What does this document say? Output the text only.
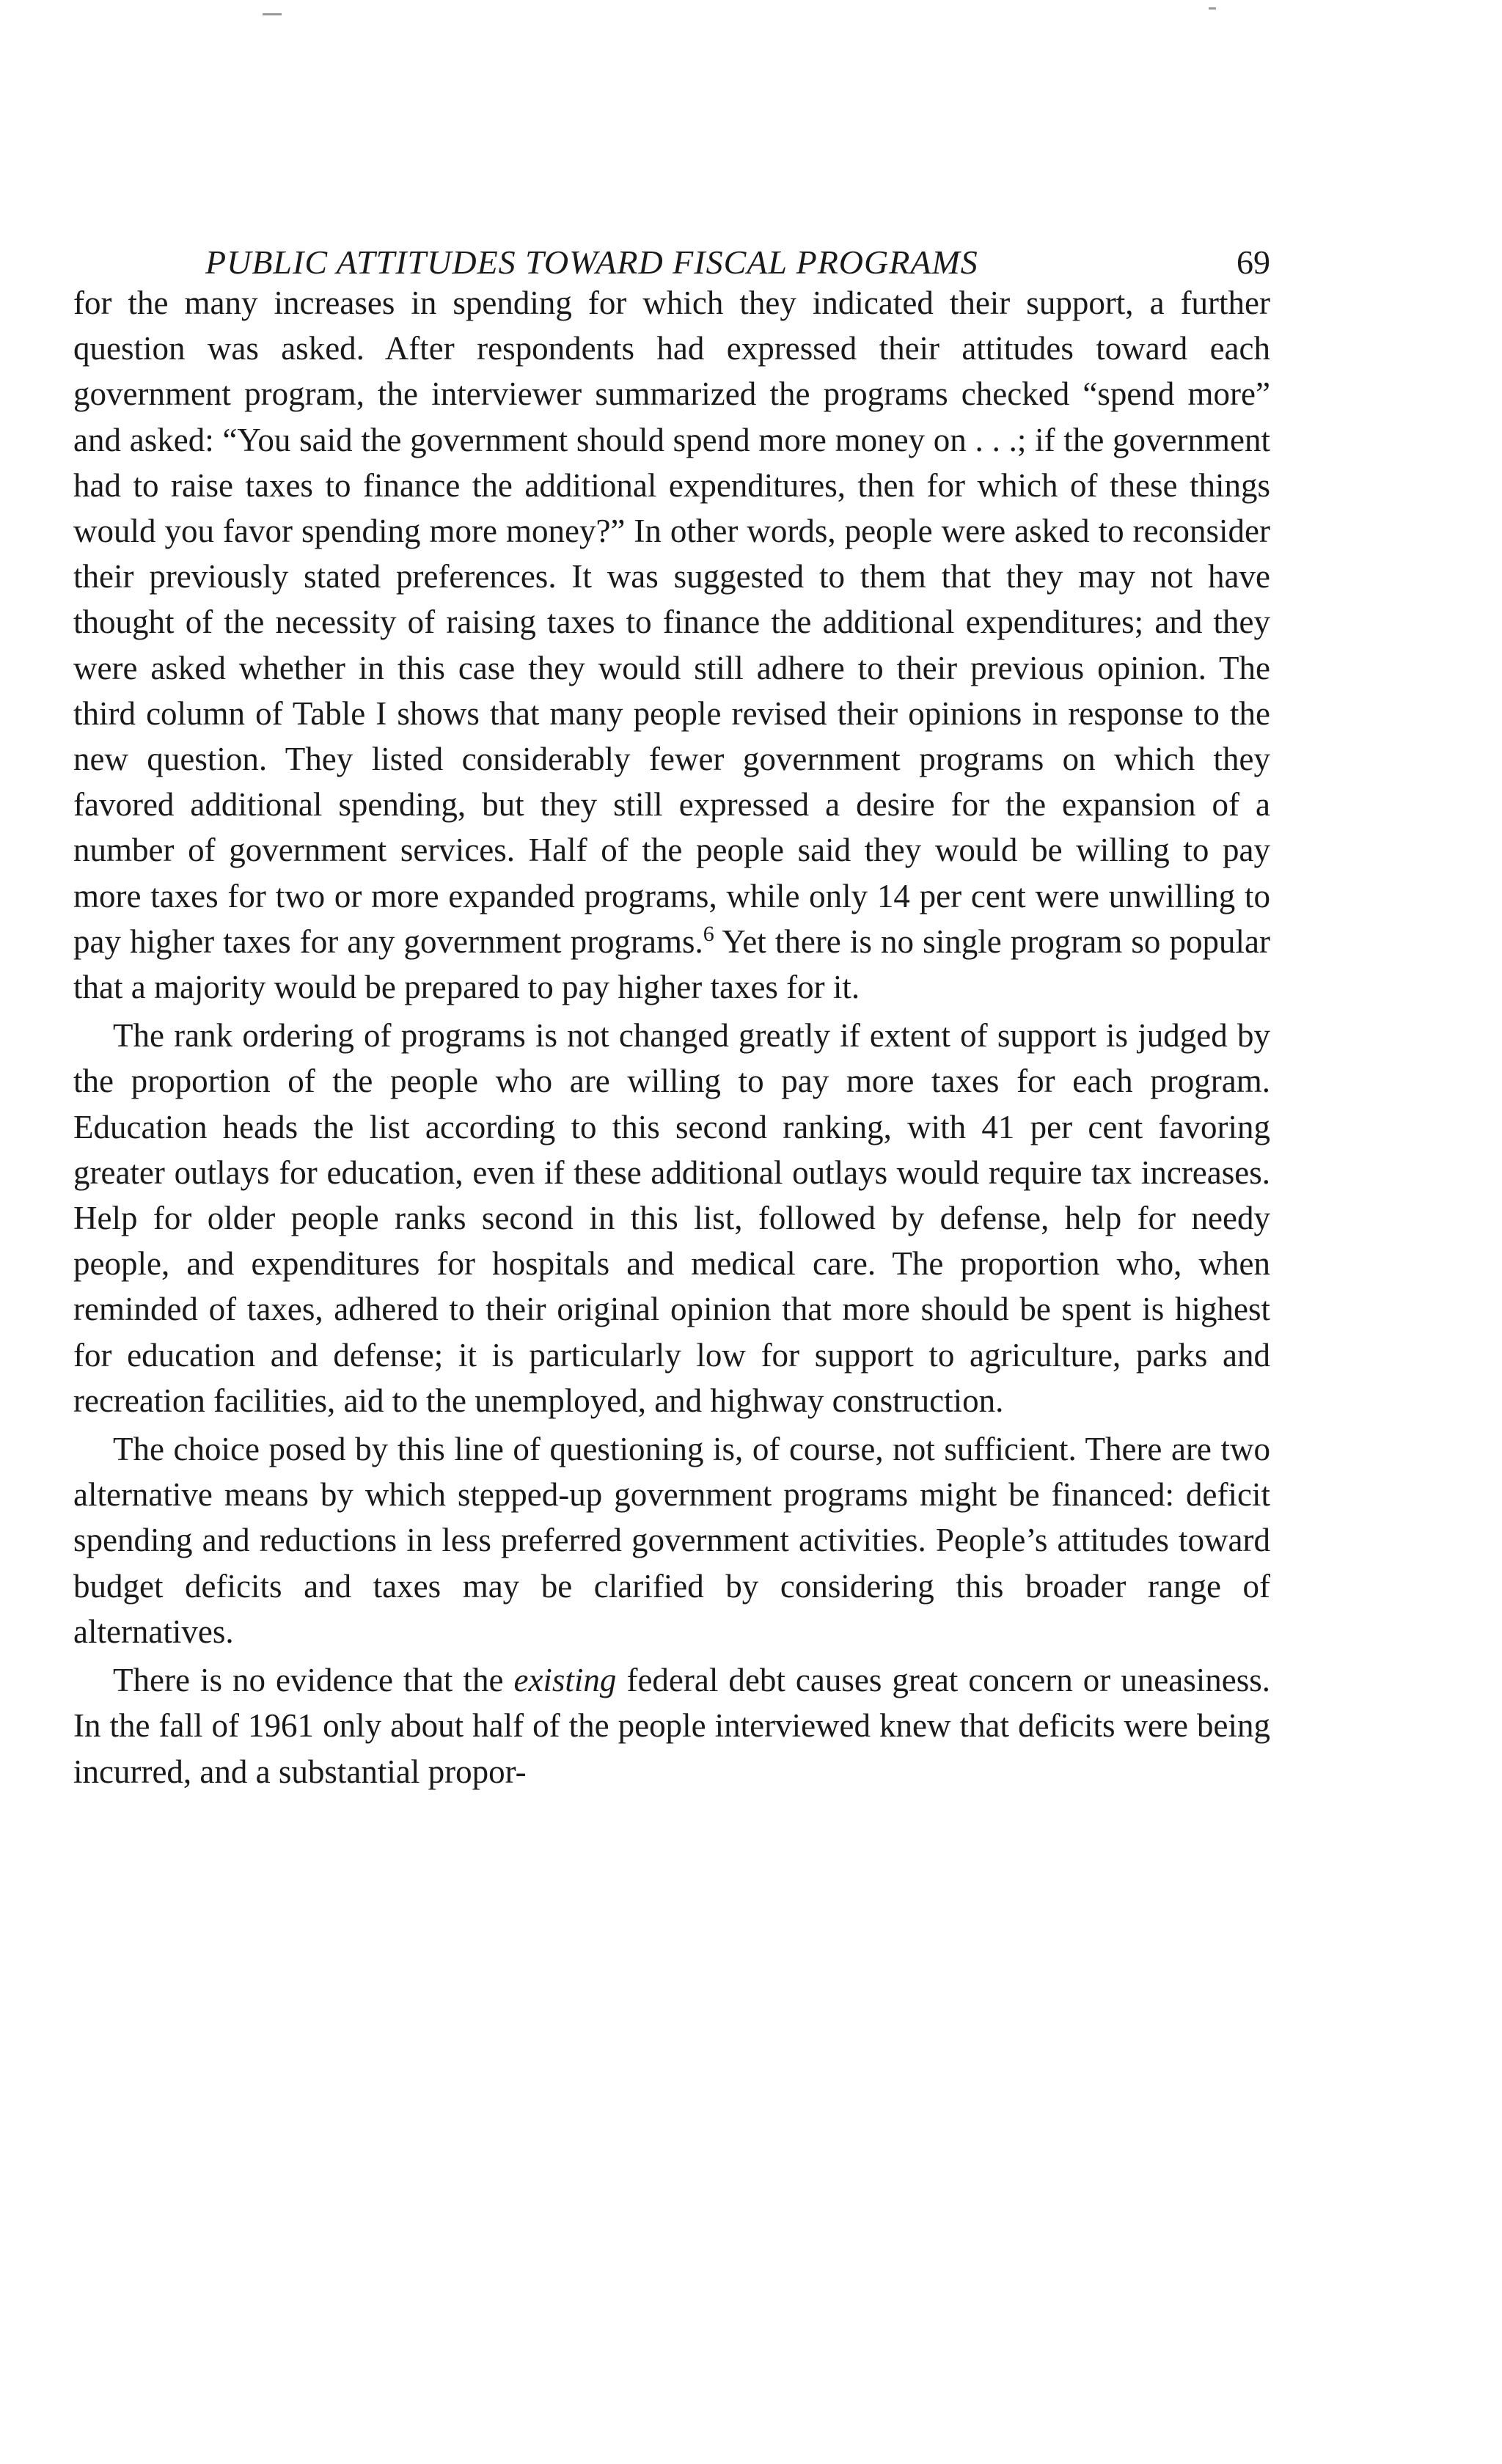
PUBLIC ATTITUDES TOWARD FISCAL PROGRAMS	69

for the many increases in spending for which they indicated their support, a further question was asked. After respondents had expressed their attitudes toward each government program, the interviewer summarized the programs checked “spend more” and asked: “You said the government should spend more money on . . .; if the government had to raise taxes to finance the additional expenditures, then for which of these things would you favor spending more money?” In other words, people were asked to reconsider their previously stated preferences. It was suggested to them that they may not have thought of the necessity of raising taxes to finance the additional expenditures; and they were asked whether in this case they would still adhere to their previous opinion. The third column of Table I shows that many people revised their opinions in response to the new question. They listed considerably fewer government programs on which they favored additional spending, but they still expressed a desire for the expansion of a number of government services. Half of the people said they would be willing to pay more taxes for two or more expanded programs, while only 14 per cent were unwilling to pay higher taxes for any government programs.$^6$ Yet there is no single program so popular that a majority would be prepared to pay higher taxes for it.

The rank ordering of programs is not changed greatly if extent of support is judged by the proportion of the people who are willing to pay more taxes for each program. Education heads the list according to this second ranking, with 41 per cent favoring greater outlays for education, even if these additional outlays would require tax increases. Help for older people ranks second in this list, followed by defense, help for needy people, and expenditures for hospitals and medical care. The proportion who, when reminded of taxes, adhered to their original opinion that more should be spent is highest for education and defense; it is particularly low for support to agriculture, parks and recreation facilities, aid to the unemployed, and highway construction.

The choice posed by this line of questioning is, of course, not sufficient. There are two alternative means by which stepped-up government programs might be financed: deficit spending and reductions in less preferred government activities. People’s attitudes toward budget deficits and taxes may be clarified by considering this broader range of alternatives.

There is no evidence that the existing federal debt causes great concern or uneasiness. In the fall of 1961 only about half of the people interviewed knew that deficits were being incurred, and a substantial propor-
